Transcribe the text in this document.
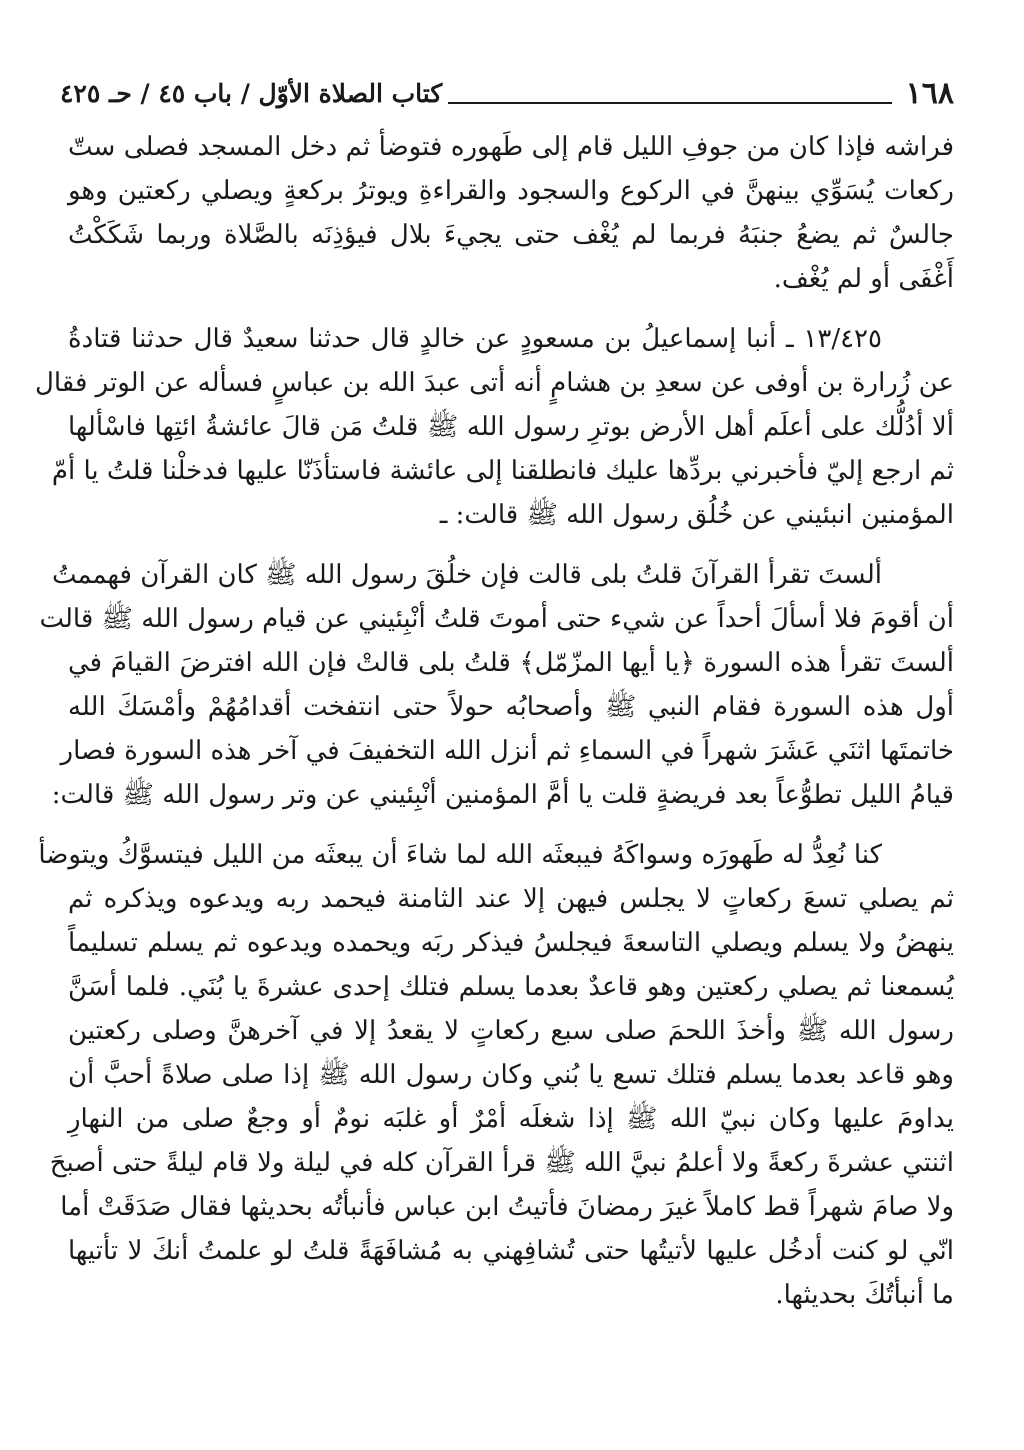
١٦٨
كتاب الصلاة الأوّل / باب ٤٥ / حـ ٤٢٥
فراشه فإذا كان من جوفِ الليل قام إلى طَهوره فتوضأ ثم دخل المسجد فصلى ستّ
ركعات يُسَوِّي بينهنَّ في الركوع والسجود والقراءةِ ويوترُ بركعةٍ ويصلي ركعتين وهو
جالسٌ ثم يضعُ جنبَهُ فربما لم يُغْف حتى يجيءَ بلال فيؤذِنَه بالصَّلاة وربما شَكَكْتُ
أَغْفَى أو لم يُغْف.
١٣/٤٢٥ ـ أنبا إسماعيلُ بن مسعودٍ عن خالدٍ قال حدثنا سعيدٌ قال حدثنا قتادةُ
عن زُرارة بن أوفى عن سعدِ بن هشامٍ أنه أتى عبدَ الله بن عباسٍ فسأله عن الوتر فقال
ألا أدُلُّك على أعلَم أهل الأرض بوترِ رسول الله ﷺ قلتُ مَن قالَ عائشةُ ائتِها فاسْألها
ثم ارجع إليّ فأخبرني بردِّها عليك فانطلقنا إلى عائشة فاستأذَنّا عليها فدخلْنا قلتُ يا أمّ
المؤمنين انبئيني عن خُلُق رسول الله ﷺ قالت: ـ
ألستَ تقرأ القرآنَ قلتُ بلى قالت فإن خلُقَ رسول الله ﷺ كان القرآن فهممتُ
أن أقومَ فلا أسألَ أحداً عن شيء حتى أموتَ قلتُ أنْبِئيني عن قيام رسول الله ﷺ قالت
ألستَ تقرأ هذه السورة ﴿يا أيها المزّمّل﴾ قلتُ بلى قالتْ فإن الله افترضَ القيامَ في
أول هذه السورة فقام النبي ﷺ وأصحابُه حولاً حتى انتفخت أقدامُهُمْ وأمْسَكَ الله
خاتمتَها اثنَي عَشَرَ شهراً في السماءِ ثم أنزل الله التخفيفَ في آخر هذه السورة فصار
قيامُ الليل تطوُّعاً بعد فريضةٍ قلت يا أمَّ المؤمنين أنْبِئيني عن وتر رسول الله ﷺ قالت:
كنا نُعِدُّ له طَهورَه وسواكَهُ فيبعثَه الله لما شاءَ أن يبعثَه من الليل فيتسوَّكُ ويتوضأ
ثم يصلي تسعَ ركعاتٍ لا يجلس فيهن إلا عند الثامنة فيحمد ربه ويدعوه ويذكره ثم
ينهضُ ولا يسلم ويصلي التاسعةَ فيجلسُ فيذكر ربَه ويحمده ويدعوه ثم يسلم تسليماً
يُسمعنا ثم يصلي ركعتين وهو قاعدٌ بعدما يسلم فتلك إحدى عشرةَ يا بُنَي. فلما أسَنَّ
رسول الله ﷺ وأخذَ اللحمَ صلى سبع ركعاتٍ لا يقعدُ إلا في آخرهنَّ وصلى ركعتين
وهو قاعد بعدما يسلم فتلك تسع يا بُني وكان رسول الله ﷺ إذا صلى صلاةً أحبَّ أن
يداومَ عليها وكان نبيّ الله ﷺ إذا شغلَه أمْرٌ أو غلبَه نومٌ أو وجعٌ صلى من النهارِ
اثنتي عشرةَ ركعةً ولا أعلمُ نبيَّ الله ﷺ قرأ القرآن كله في ليلة ولا قام ليلةً حتى أصبحَ
ولا صامَ شهراً قط كاملاً غيرَ رمضانَ فأتيتُ ابن عباس فأنبأتُه بحديثها فقال صَدَقَتْ أما
انّي لو كنت أدخُل عليها لأتيتُها حتى تُشافِهني به مُشافَهَةً قلتُ لو علمتُ أنكَ لا تأتيها
ما أنبأتُكَ بحديثها.
